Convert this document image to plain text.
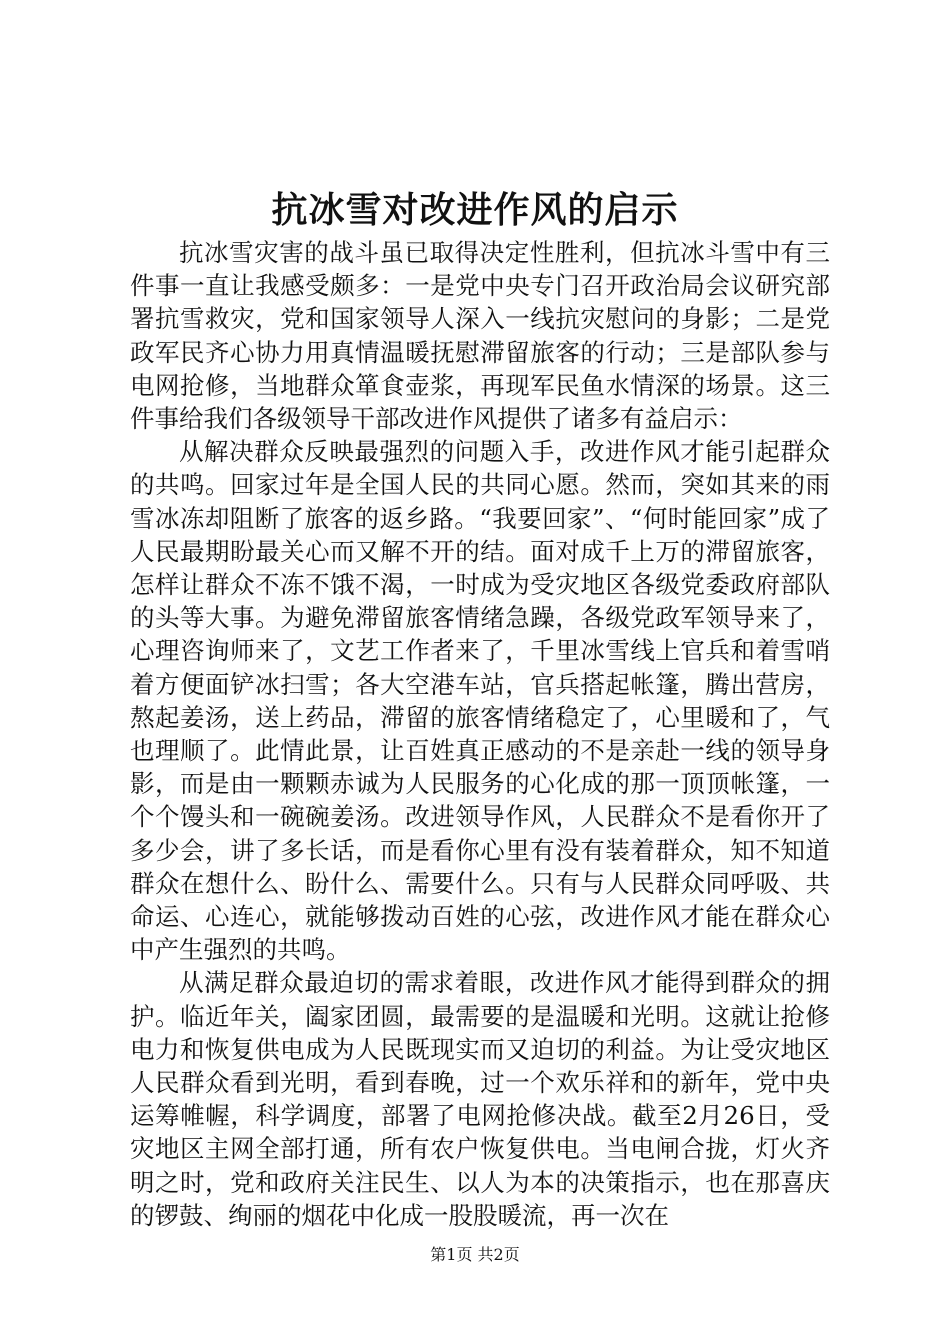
抗冰雪对改进作风的启示

抗冰雪灾害的战斗虽已取得决定性胜利，但抗冰斗雪中有三件事一直让我感受颇多：一是党中央专门召开政治局会议研究部署抗雪救灾，党和国家领导人深入一线抗灾慰问的身影；二是党政军民齐心协力用真情温暖抚慰滞留旅客的行动；三是部队参与电网抢修，当地群众箪食壶浆，再现军民鱼水情深的场景。这三件事给我们各级领导干部改进作风提供了诸多有益启示：

从解决群众反映最强烈的问题入手，改进作风才能引起群众的共鸣。回家过年是全国人民的共同心愿。然而，突如其来的雨雪冰冻却阻断了旅客的返乡路。“我要回家”、“何时能回家”成了人民最期盼最关心而又解不开的结。面对成千上万的滞留旅客，怎样让群众不冻不饿不渴，一时成为受灾地区各级党委政府部队的头等大事。为避免滞留旅客情绪急躁，各级党政军领导来了，心理咨询师来了，文艺工作者来了，千里冰雪线上官兵和着雪哨着方便面铲冰扫雪；各大空港车站，官兵搭起帐篷，腾出营房，熬起姜汤，送上药品，滞留的旅客情绪稳定了，心里暖和了，气也理顺了。此情此景，让百姓真正感动的不是亲赴一线的领导身影，而是由一颗颗赤诚为人民服务的心化成的那一顶顶帐篷，一个个馒头和一碗碗姜汤。改进领导作风，人民群众不是看你开了多少会，讲了多长话，而是看你心里有没有装着群众，知不知道群众在想什么、盼什么、需要什么。只有与人民群众同呼吸、共命运、心连心，就能够拨动百姓的心弦，改进作风才能在群众心中产生强烈的共鸣。

从满足群众最迫切的需求着眼，改进作风才能得到群众的拥护。临近年关，阖家团圆，最需要的是温暖和光明。这就让抢修电力和恢复供电成为人民既现实而又迫切的利益。为让受灾地区人民群众看到光明，看到春晚，过一个欢乐祥和的新年，党中央运筹帷幄，科学调度，部署了电网抢修决战。截至2月26日，受灾地区主网全部打通，所有农户恢复供电。当电闸合拢，灯火齐明之时，党和政府关注民生、以人为本的决策指示，也在那喜庆的锣鼓、绚丽的烟花中化成一股股暖流，再一次在

第1页 共2页
